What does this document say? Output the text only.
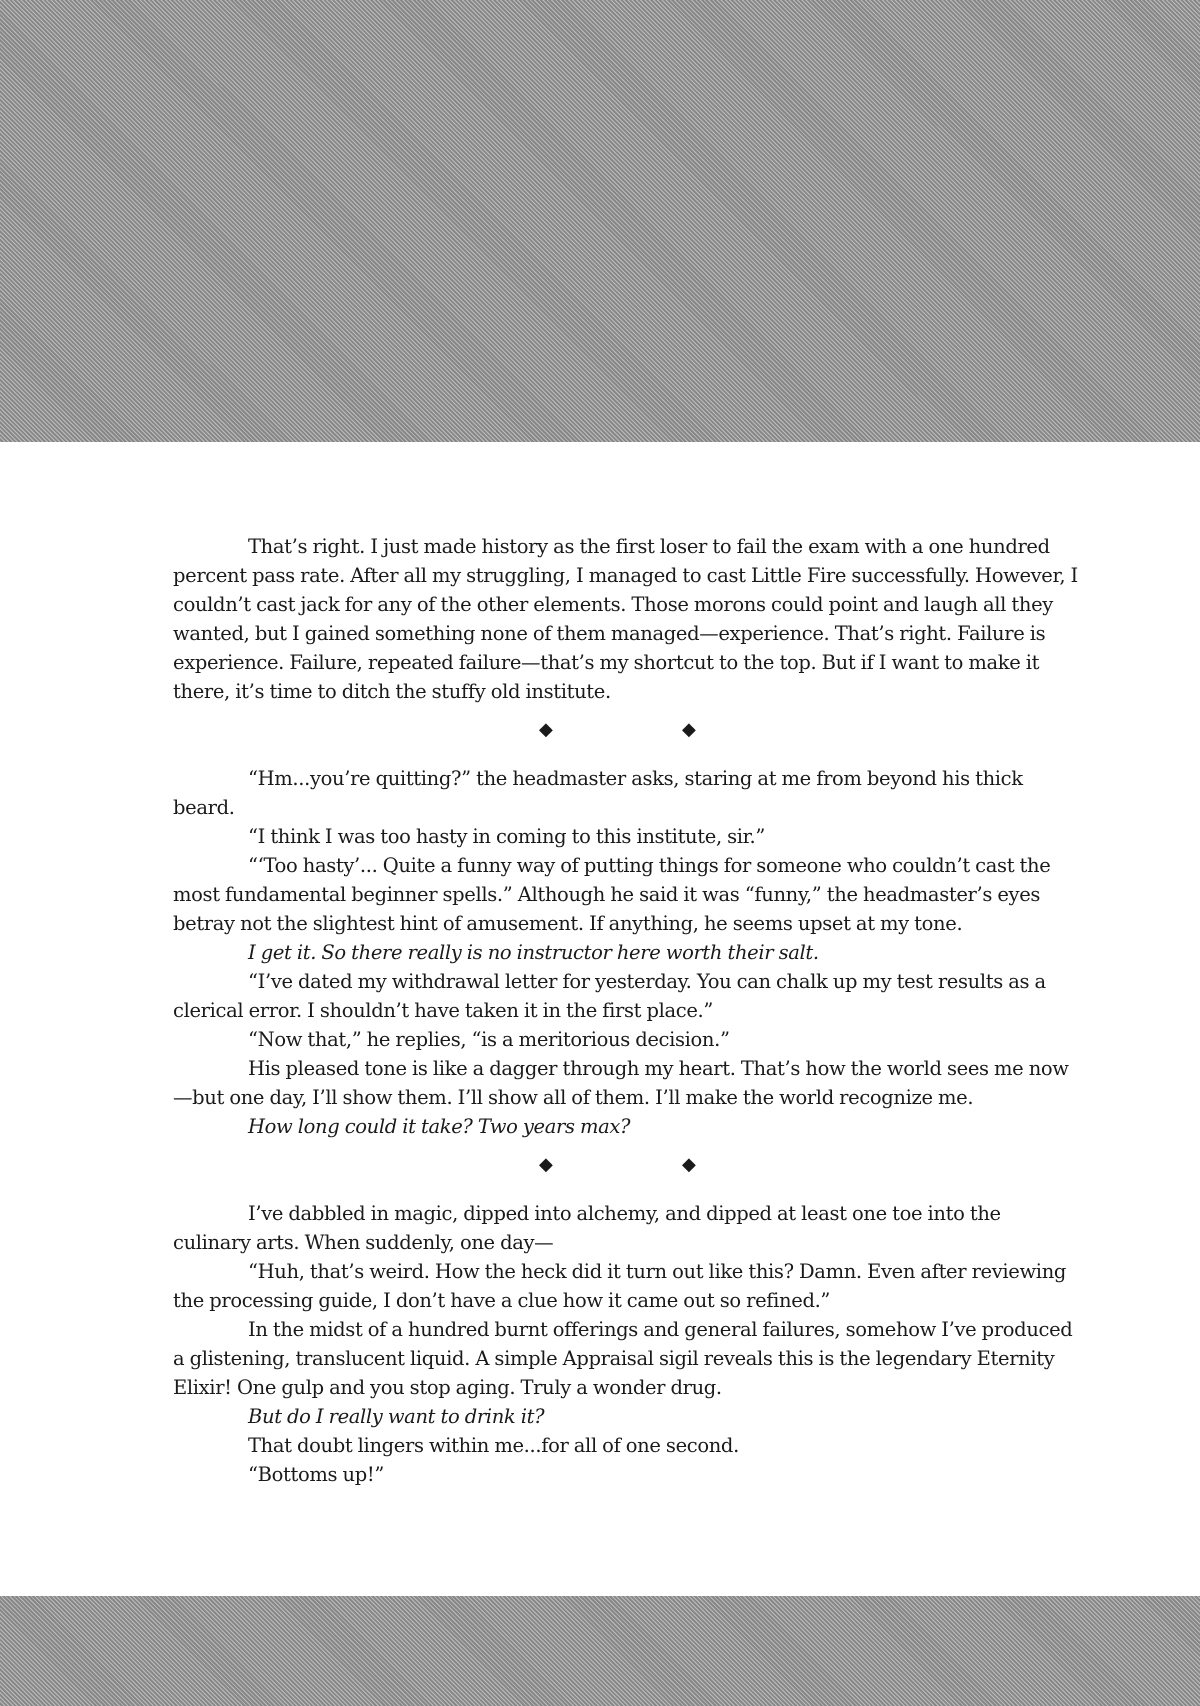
That’s right. I just made history as the first loser to fail the exam with a one hundred percent pass rate. After all my struggling, I managed to cast Little Fire successfully. However, I couldn’t cast jack for any of the other elements. Those morons could point and laugh all they wanted, but I gained something none of them managed—experience. That’s right. Failure is experience. Failure, repeated failure—that’s my shortcut to the top. But if I want to make it there, it’s time to ditch the stuffy old institute.

◆	◆

“Hm...you’re quitting?” the headmaster asks, staring at me from beyond his thick beard.

“I think I was too hasty in coming to this institute, sir.”

“‘Too hasty’... Quite a funny way of putting things for someone who couldn’t cast the most fundamental beginner spells.” Although he said it was “funny,” the headmaster’s eyes betray not the slightest hint of amusement. If anything, he seems upset at my tone.

I get it. So there really is no instructor here worth their salt.

“I’ve dated my withdrawal letter for yesterday. You can chalk up my test results as a clerical error. I shouldn’t have taken it in the first place.”

“Now that,” he replies, “is a meritorious decision.”

His pleased tone is like a dagger through my heart. That’s how the world sees me now—but one day, I’ll show them. I’ll show all of them. I’ll make the world recognize me.

How long could it take? Two years max?

◆	◆

I’ve dabbled in magic, dipped into alchemy, and dipped at least one toe into the culinary arts. When suddenly, one day—

“Huh, that’s weird. How the heck did it turn out like this? Damn. Even after reviewing the processing guide, I don’t have a clue how it came out so refined.”

In the midst of a hundred burnt offerings and general failures, somehow I’ve produced a glistening, translucent liquid. A simple Appraisal sigil reveals this is the legendary Eternity Elixir! One gulp and you stop aging. Truly a wonder drug.

But do I really want to drink it?

That doubt lingers within me...for all of one second.

“Bottoms up!”
